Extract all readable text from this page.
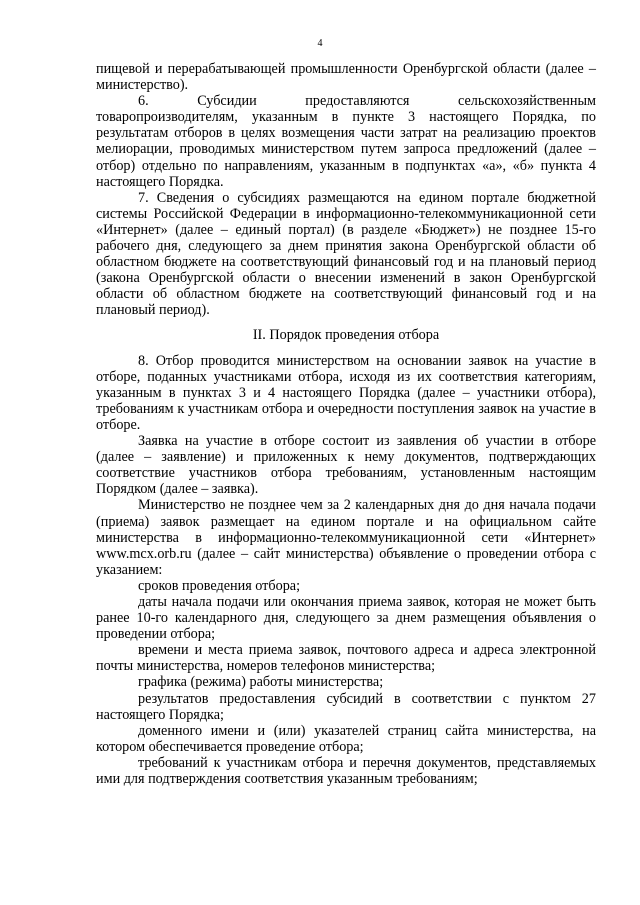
4

пищевой и перерабатывающей промышленности Оренбургской области (далее – министерство).

6. Субсидии предоставляются сельскохозяйственным товаропроизводителям, указанным в пункте 3 настоящего Порядка, по результатам отборов в целях возмещения части затрат на реализацию проектов мелиорации, проводимых министерством путем запроса предложений (далее – отбор) отдельно по направлениям, указанным в подпунктах «а», «б» пункта 4 настоящего Порядка.

7. Сведения о субсидиях размещаются на едином портале бюджетной системы Российской Федерации в информационно-телекоммуникационной сети «Интернет» (далее – единый портал) (в разделе «Бюджет») не позднее 15-го рабочего дня, следующего за днем принятия закона Оренбургской области об областном бюджете на соответствующий финансовый год и на плановый период (закона Оренбургской области о внесении изменений в закон Оренбургской области об областном бюджете на соответствующий финансовый год и на плановый период).

II. Порядок проведения отбора

8. Отбор проводится министерством на основании заявок на участие в отборе, поданных участниками отбора, исходя из их соответствия категориям, указанным в пунктах 3 и 4 настоящего Порядка (далее – участники отбора), требованиям к участникам отбора и очередности поступления заявок на участие в отборе.

Заявка на участие в отборе состоит из заявления об участии в отборе (далее – заявление) и приложенных к нему документов, подтверждающих соответствие участников отбора требованиям, установленным настоящим Порядком (далее – заявка).

Министерство не позднее чем за 2 календарных дня до дня начала подачи (приема) заявок размещает на едином портале и на официальном сайте министерства в информационно-телекоммуникационной сети «Интернет» www.mcx.orb.ru (далее – сайт министерства) объявление о проведении отбора с указанием:

сроков проведения отбора;

даты начала подачи или окончания приема заявок, которая не может быть ранее 10-го календарного дня, следующего за днем размещения объявления о проведении отбора;

времени и места приема заявок, почтового адреса и адреса электронной почты министерства, номеров телефонов министерства;

графика (режима) работы министерства;

результатов предоставления субсидий в соответствии с пунктом 27 настоящего Порядка;

доменного имени и (или) указателей страниц сайта министерства, на котором обеспечивается проведение отбора;

требований к участникам отбора и перечня документов, представляемых ими для подтверждения соответствия указанным требованиям;
